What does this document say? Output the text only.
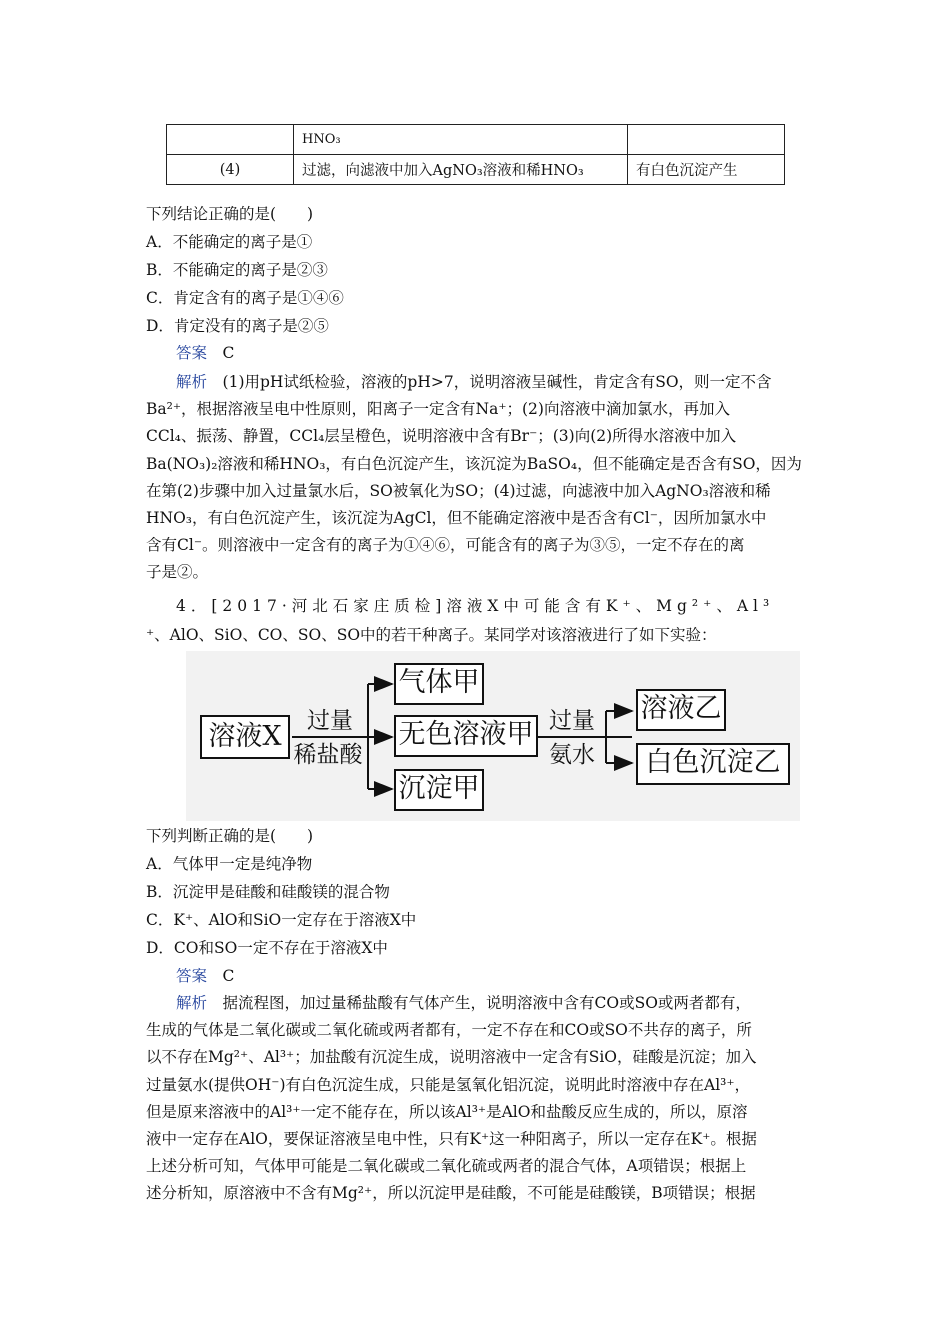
	HNO₃	
(4)	过滤，向滤液中加入AgNO₃溶液和稀HNO₃	有白色沉淀产生
下列结论正确的是(　　)
A．不能确定的离子是①
B．不能确定的离子是②③
C．肯定含有的离子是①④⑥
D．肯定没有的离子是②⑤
答案　 C
解析　 (1)用pH试纸检验，溶液的pH>7，说明溶液呈碱性，肯定含有SO，则一定不含
Ba²⁺，根据溶液呈电中性原则，阳离子一定含有Na⁺；(2)向溶液中滴加氯水，再加入
CCl₄、振荡、静置，CCl₄层呈橙色，说明溶液中含有Br⁻；(3)向(2)所得水溶液中加入
Ba(NO₃)₂溶液和稀HNO₃，有白色沉淀产生，该沉淀为BaSO₄，但不能确定是否含有SO，因为
在第(2)步骤中加入过量氯水后，SO被氧化为SO；(4)过滤，向滤液中加入AgNO₃溶液和稀
HNO₃，有白色沉淀产生，该沉淀为AgCl，但不能确定溶液中是否含有Cl⁻，因所加氯水中
含有Cl⁻。则溶液中一定含有的离子为①④⑥，可能含有的离子为③⑤，一定不存在的离
子是②。
4．[2017·河北石家庄质检]溶液X中可能含有K⁺、Mg²⁺、Al³
⁺、AlO、SiO、CO、SO、SO中的若干种离子。某同学对该溶液进行了如下实验：
溶液X	过量
稀盐酸
气体甲
无色溶液甲
沉淀甲
过量
氨水
溶液乙
白色沉淀乙
下列判断正确的是(　　)
A．气体甲一定是纯净物
B．沉淀甲是硅酸和硅酸镁的混合物
C．K⁺、AlO和SiO一定存在于溶液X中
D．CO和SO一定不存在于溶液X中
答案　 C
解析　 据流程图，加过量稀盐酸有气体产生，说明溶液中含有CO或SO或两者都有，
生成的气体是二氧化碳或二氧化硫或两者都有，一定不存在和CO或SO不共存的离子，所
以不存在Mg²⁺、Al³⁺；加盐酸有沉淀生成，说明溶液中一定含有SiO，硅酸是沉淀；加入
过量氨水(提供OH⁻)有白色沉淀生成，只能是氢氧化铝沉淀，说明此时溶液中存在Al³⁺，
但是原来溶液中的Al³⁺一定不能存在，所以该Al³⁺是AlO和盐酸反应生成的，所以，原溶
液中一定存在AlO，要保证溶液呈电中性，只有K⁺这一种阳离子，所以一定存在K⁺。根据
上述分析可知，气体甲可能是二氧化碳或二氧化硫或两者的混合气体，A项错误；根据上
述分析知，原溶液中不含有Mg²⁺，所以沉淀甲是硅酸，不可能是硅酸镁，B项错误；根据
